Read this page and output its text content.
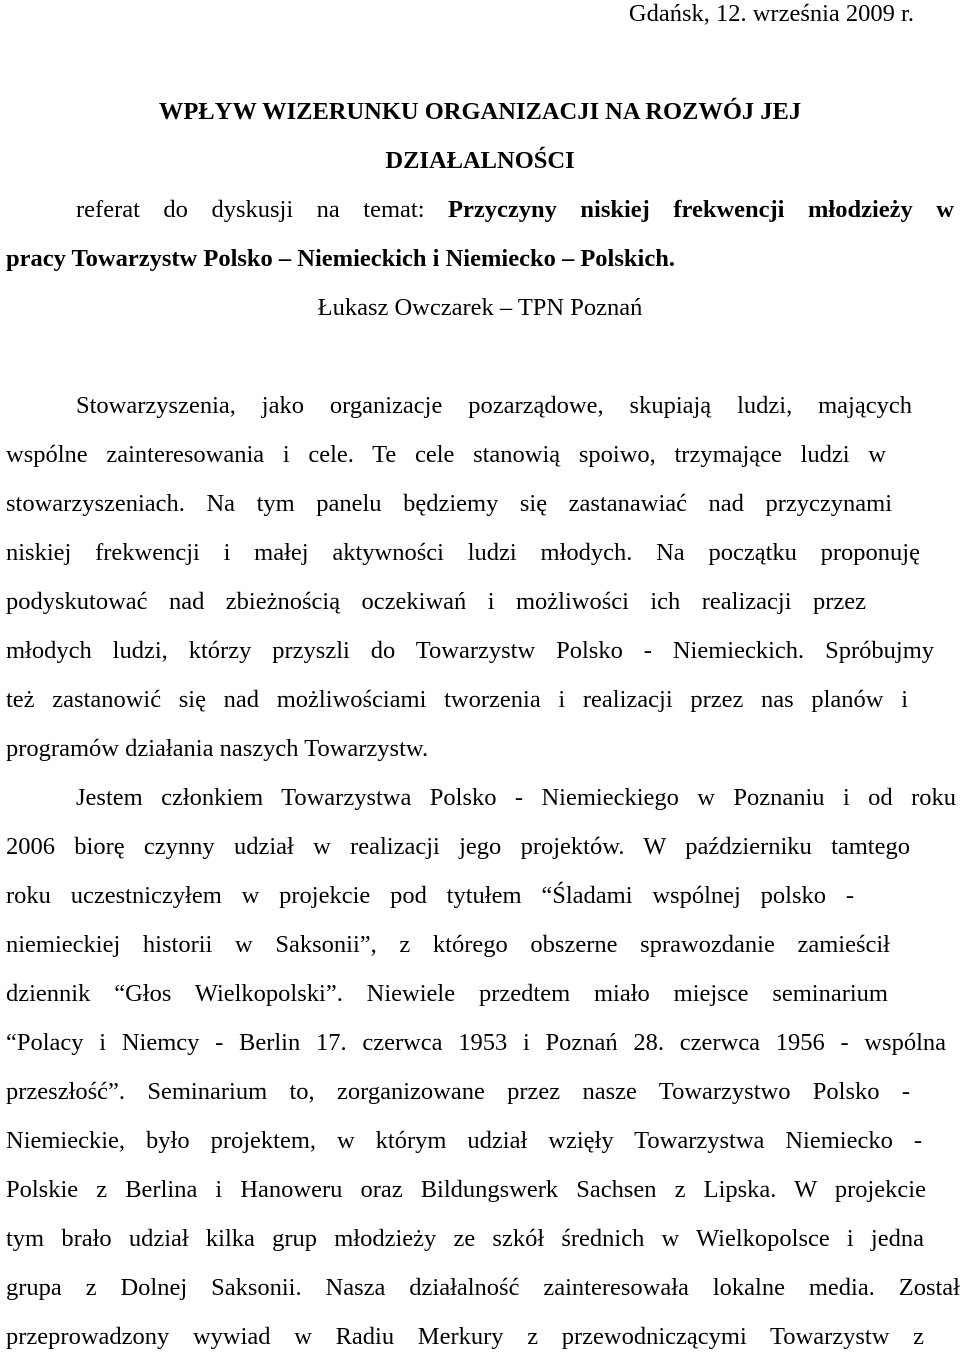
Gdańsk, 12. września 2009 r.
WPŁYW WIZERUNKU ORGANIZACJI NA ROZWÓJ JEJ
DZIAŁALNOŚCI
referat do dyskusji na temat: Przyczyny niskiej frekwencji młodzieży w
pracy Towarzystw Polsko – Niemieckich i Niemiecko – Polskich.
Łukasz Owczarek – TPN Poznań
Stowarzyszenia, jako organizacje pozarządowe, skupiają ludzi, mających
wspólne zainteresowania i cele. Te cele stanowią spoiwo, trzymające ludzi w
stowarzyszeniach. Na tym panelu będziemy się zastanawiać nad przyczynami
niskiej frekwencji i małej aktywności ludzi młodych. Na początku proponuję
podyskutować nad zbieżnością oczekiwań i możliwości ich realizacji przez
młodych ludzi, którzy przyszli do Towarzystw Polsko - Niemieckich. Spróbujmy
też zastanowić się nad możliwościami tworzenia i realizacji przez nas planów i
programów działania naszych Towarzystw.
Jestem członkiem Towarzystwa Polsko - Niemieckiego w Poznaniu i od roku
2006 biorę czynny udział w realizacji jego projektów. W październiku tamtego
roku uczestniczyłem w projekcie pod tytułem “Śladami wspólnej polsko -
niemieckiej historii w Saksonii”, z którego obszerne sprawozdanie zamieścił
dziennik “Głos Wielkopolski”. Niewiele przedtem miało miejsce seminarium
“Polacy i Niemcy - Berlin 17. czerwca 1953 i Poznań 28. czerwca 1956 - wspólna
przeszłość”. Seminarium to, zorganizowane przez nasze Towarzystwo Polsko -
Niemieckie, było projektem, w którym udział wzięły Towarzystwa Niemiecko -
Polskie z Berlina i Hanoweru oraz Bildungswerk Sachsen z Lipska. W projekcie
tym brało udział kilka grup młodzieży ze szkół średnich w Wielkopolsce i jedna
grupa z Dolnej Saksonii. Nasza działalność zainteresowała lokalne media. Został
przeprowadzony wywiad w Radiu Merkury z przewodniczącymi Towarzystw z
